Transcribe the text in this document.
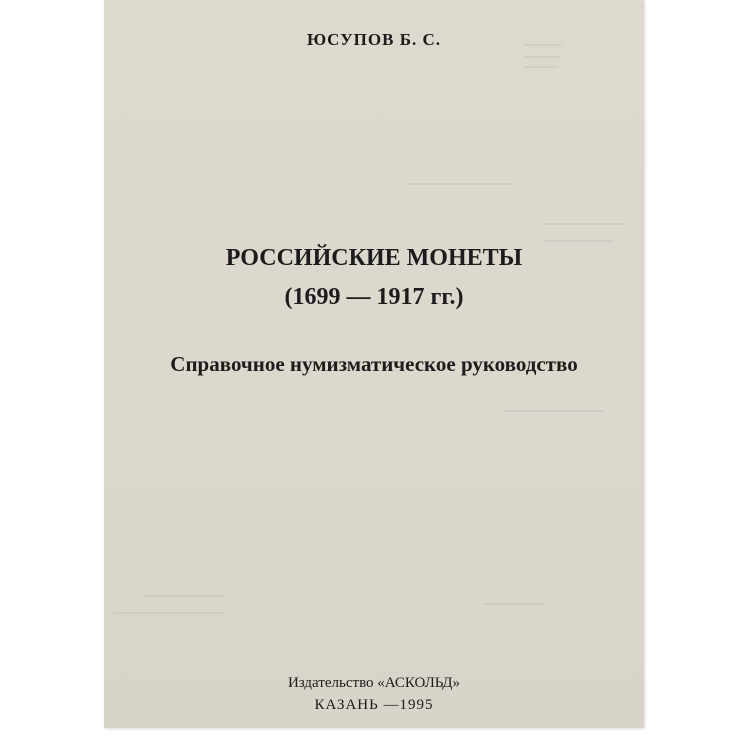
ЮСУПОВ Б. С.
РОССИЙСКИЕ МОНЕТЫ
(1699 — 1917 гг.)
Справочное нумизматическое руководство
Издательство «АСКОЛЬД»
КАЗАНЬ —1995
